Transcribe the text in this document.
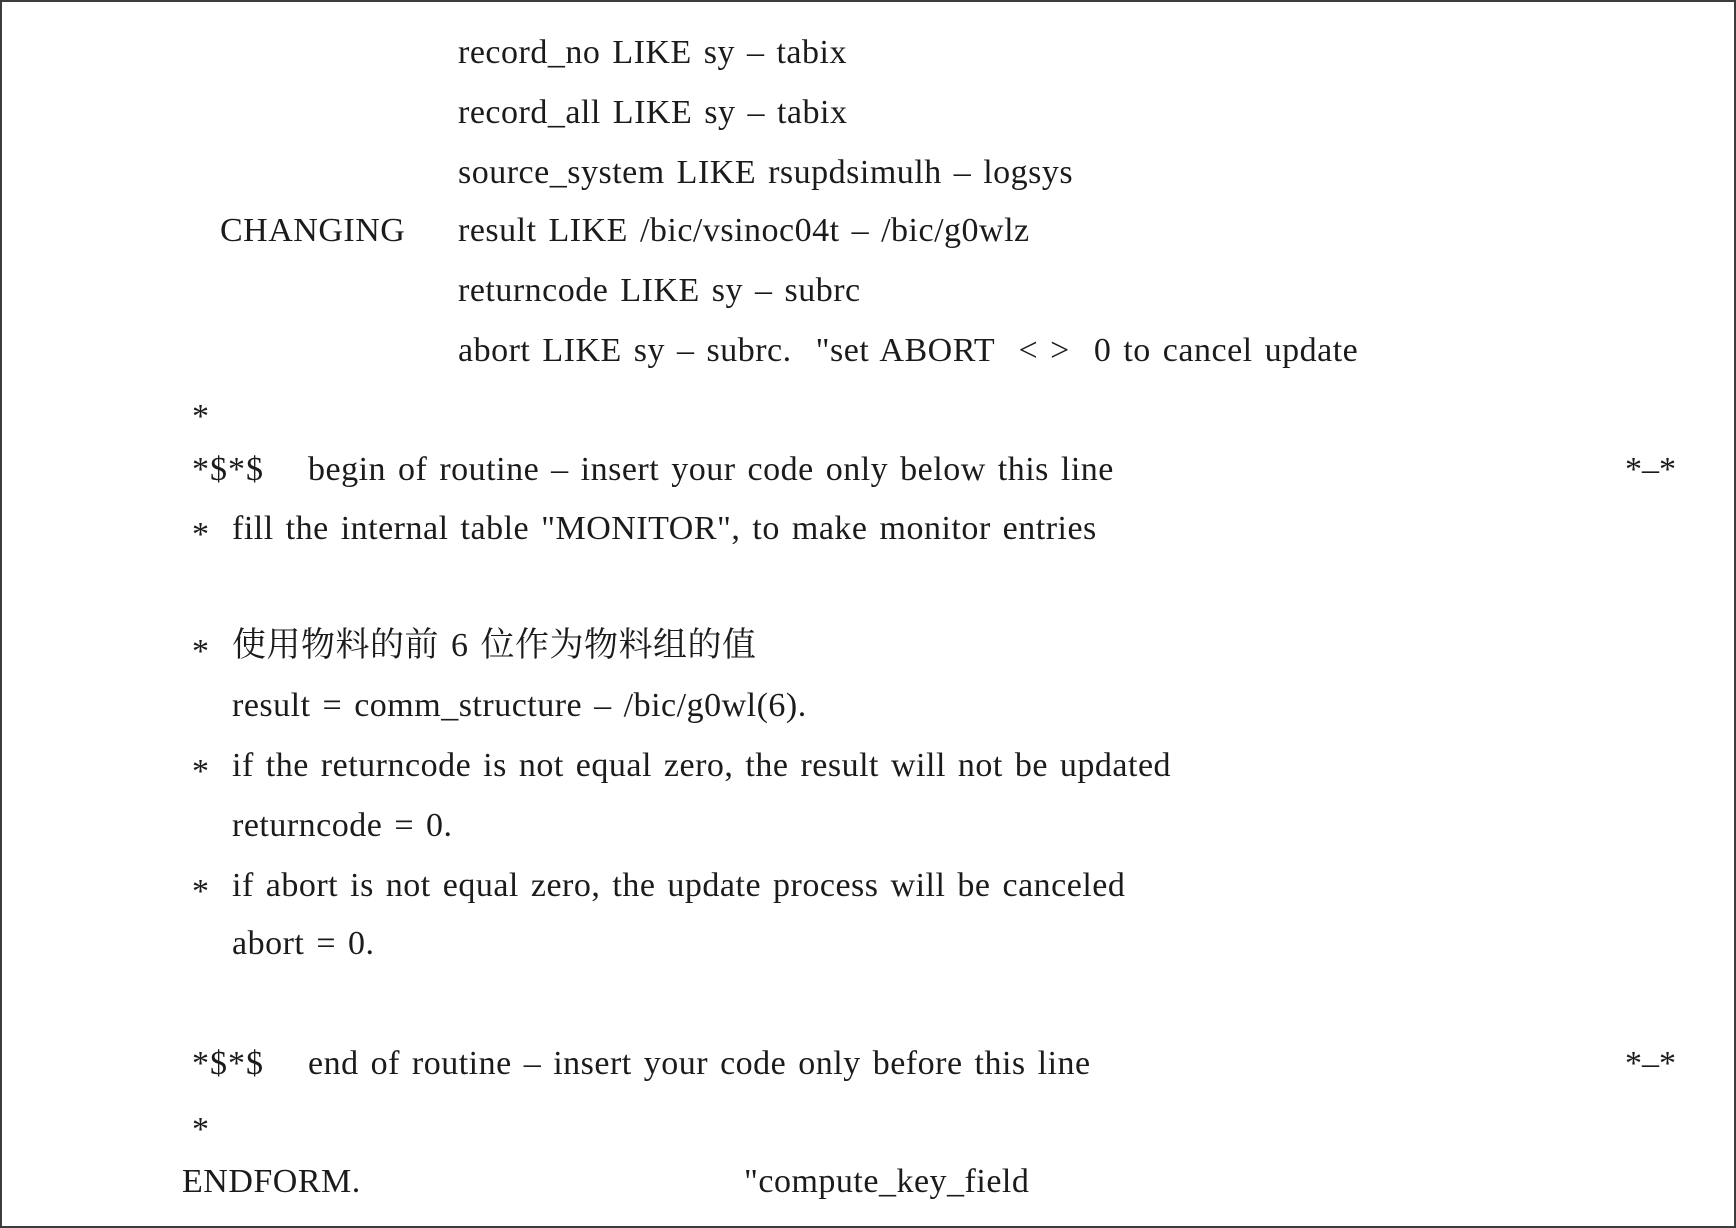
record_no LIKE sy – tabix
record_all LIKE sy – tabix
source_system LIKE rsupdsimulh – logsys
CHANGING result LIKE /bic/vsinoc04t – /bic/g0wlz
returncode LIKE sy – subrc
abort LIKE sy – subrc.  "set ABORT  < >  0 to cancel update
*
*$*$ begin of routine – insert your code only below this line	*–*
* fill the internal table "MONITOR", to make monitor entries
* 使用物料的前 6 位作为物料组的值
result = comm_structure – /bic/g0wl(6).
* if the returncode is not equal zero, the result will not be updated
returncode = 0.
* if abort is not equal zero, the update process will be canceled
abort = 0.
*$*$ end of routine – insert your code only before this line	*–*
*
ENDFORM.	"compute_key_field
